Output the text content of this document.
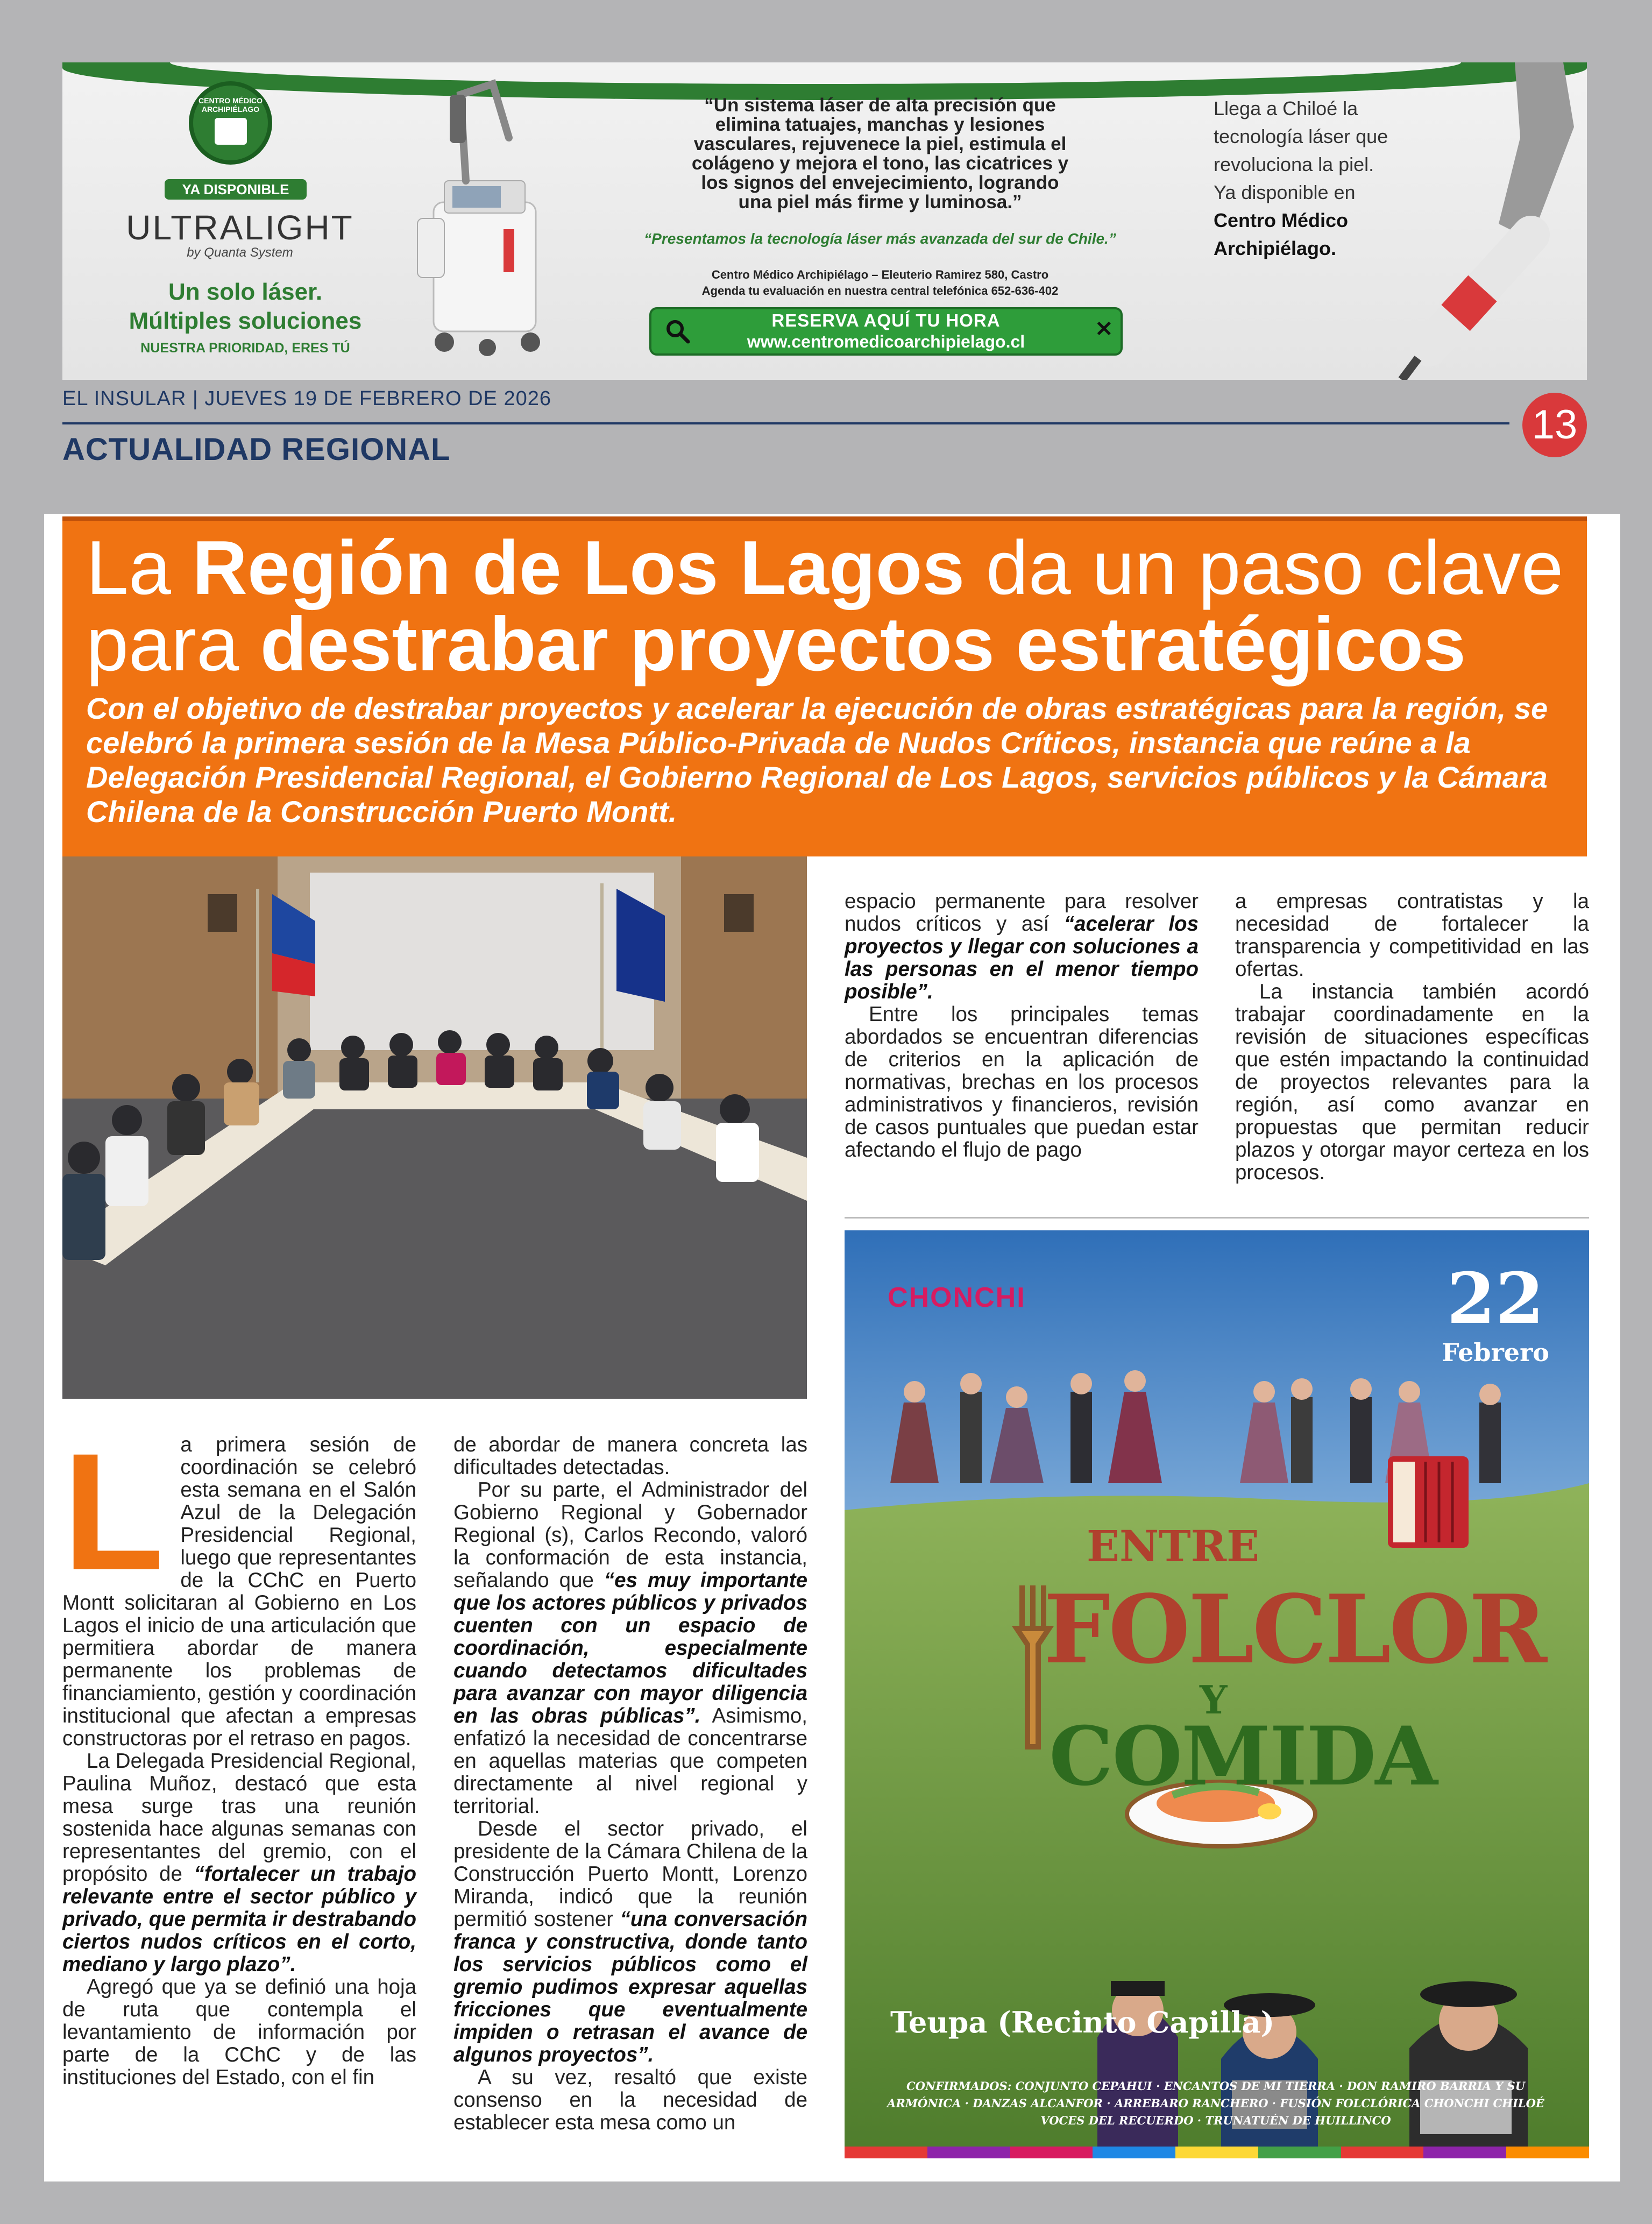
CENTRO MÉDICO ARCHIPIÉLAGO
YA DISPONIBLE
ULTRALIGHT
by Quanta System
Un solo láser.
Múltiples soluciones
NUESTRA PRIORIDAD, ERES TÚ
“Un sistema láser de alta precisión que
elimina tatuajes, manchas y lesiones
vasculares, rejuvenece la piel, estimula el
colágeno y mejora el tono, las cicatrices y
los signos del envejecimiento, logrando
una piel más firme y luminosa.”
“Presentamos la tecnología láser más avanzada del sur de Chile.”
Centro Médico Archipiélago – Eleuterio Ramirez 580, Castro
Agenda tu evaluación en nuestra central telefónica 652-636-402
RESERVA AQUÍ TU HORA
www.centromedicoarchipielago.cl
✕
Llega a Chiloé la
tecnología láser que
revoluciona la piel.
Ya disponible en
Centro Médico
Archipiélago.
EL INSULAR | JUEVES 19 DE FEBRERO DE 2026
ACTUALIDAD REGIONAL
13
La Región de Los Lagos da un paso clave
para destrabar proyectos estratégicos
Con el objetivo de destrabar proyectos y acelerar la ejecución de obras estratégicas para la región, se celebró la primera sesión de la Mesa Público-Privada de Nudos Críticos, instancia que reúne a la Delegación Presidencial Regional, el Gobierno Regional de Los Lagos, servicios públicos y la Cámara Chilena de la Construcción Puerto Montt.
L a primera sesión de coordinación se celebró esta semana en el Salón Azul de la Delegación Presidencial Regional, luego que representantes de la CChC en Puerto Montt solicitaran al Gobierno en Los Lagos el inicio de una articulación que permitiera abordar de manera permanente los problemas de financiamiento, gestión y coordinación institucional que afectan a empresas constructoras por el retraso en pagos.

La Delegada Presidencial Regional, Paulina Muñoz, destacó que esta mesa surge tras una reunión sostenida hace algunas semanas con representantes del gremio, con el propósito de “fortalecer un trabajo relevante entre el sector público y privado, que permita ir destrabando ciertos nudos críticos en el corto, mediano y largo plazo”.

Agregó que ya se definió una hoja de ruta que contempla el levantamiento de información por parte de la CChC y de las instituciones del Estado, con el fin

de abordar de manera concreta las dificultades detectadas.

Por su parte, el Administrador del Gobierno Regional y Gobernador Regional (s), Carlos Recondo, valoró la conformación de esta instancia, señalando que “es muy importante que los actores públicos y privados cuenten con un espacio de coordinación, especialmente cuando detectamos dificultades para avanzar con mayor diligencia en las obras públicas”. Asimismo, enfatizó la necesidad de concentrarse en aquellas materias que competen directamente al nivel regional y territorial.

Desde el sector privado, el presidente de la Cámara Chilena de la Construcción Puerto Montt, Lorenzo Miranda, indicó que la reunión permitió sostener “una conversación franca y constructiva, donde tanto los servicios públicos como el gremio pudimos expresar aquellas fricciones que eventualmente impiden o retrasan el avance de algunos proyectos”.

A su vez, resaltó que existe consenso en la necesidad de establecer esta mesa como un

espacio permanente para resolver nudos críticos y así “acelerar los proyectos y llegar con soluciones a las personas en el menor tiempo posible”.

Entre los principales temas abordados se encuentran diferencias de criterios en la aplicación de normativas, brechas en los procesos administrativos y financieros, revisión de casos puntuales que puedan estar afectando el flujo de pago

a empresas contratistas y la necesidad de fortalecer la transparencia y competitividad en las ofertas.

La instancia también acordó trabajar coordinadamente en la revisión de situaciones específicas que estén impactando la continuidad de proyectos relevantes para la región, así como avanzar en propuestas que permitan reducir plazos y otorgar mayor certeza en los procesos.

CHONCHI	22
Febrero
ENTRE
FOLCLOR
Y
COMIDA
Teupa (Recinto Capilla)
CONFIRMADOS: CONJUNTO CEPAHUI · ENCANTOS DE MI TIERRA · DON RAMIRO BARRIA Y SU
ARMÓNICA · DANZAS ALCANFOR · ARREBARO RANCHERO · FUSIÓN FOLCLÓRICA CHONCHI CHILOÉ
VOCES DEL RECUERDO · TRUNATUÉN DE HUILLINCO
